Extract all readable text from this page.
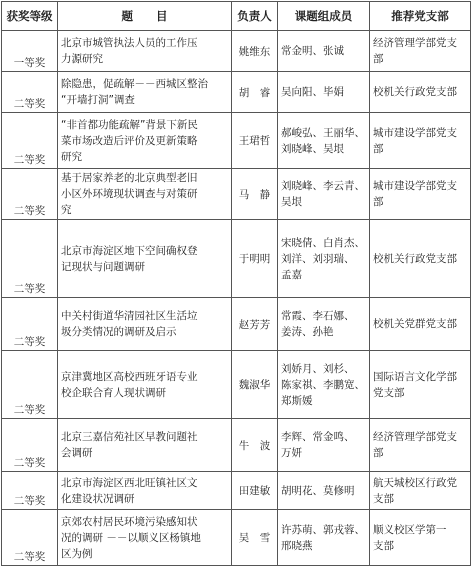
获奖等级	题　　目	负责人	课题组成员	推荐党支部
一等奖	北京市城管执法人员的工作压
力源研究	姚维东	常金明、张诚	经济管理学部党支部

二等奖	除隐患，促疏解－－西城区整治
“开墙打洞”调查	胡　睿	吴向阳、毕娟	校机关行政党支部

二等奖	“非首都功能疏解”背景下新民
菜市场改造后评价及更新策略
研究	王珺哲	郝峻弘、王丽华、
刘晓峰、吴垠	城市建设学部党支部

二等奖	基于居家养老的北京典型老旧
小区外环境现状调查与对策研
究	马　静	刘晓峰、李云青、
吴垠	城市建设学部党支部

二等奖	北京市海淀区地下空间确权登
记现状与问题调研	于明明	宋晓倩、白肖杰、
刘洋、刘羽瑞、
孟嘉	校机关行政党支部

二等奖	中关村街道华清园社区生活垃
圾分类情况的调研及启示	赵芳芳	常霞、李石娜、
姜涛、孙艳	校机关党群党支部

二等奖	京津冀地区高校西班牙语专业
校企联合育人现状调研	魏淑华	刘娇月、刘杉、
陈家祺、李鹏宽、
郑斯媛	国际语言文化学部
党支部

二等奖	北京三嘉信苑社区早教问题社
会调研	牛　波	李辉、常金鸣、
万妍	经济管理学部党支部

二等奖	北京市海淀区西北旺镇社区文
化建设状况调研	田建敏	胡明花、莫修明	航天城校区行政党
支部

二等奖	京郊农村居民环境污染感知状
况的调研 －－以顺义区杨镇地
区为例	吴　雪	许苏萌、郭戎蓉、
邢晓燕	顺义校区学第一
支部
